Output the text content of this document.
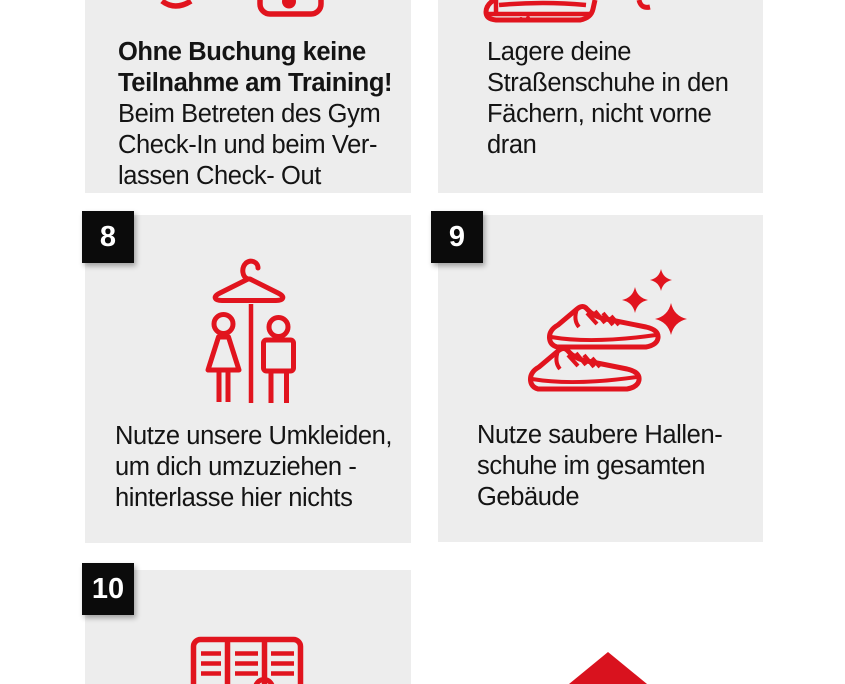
8	9
10
Ohne Buchung keine
Teilnahme am Training!
Beim Betreten des Gym
Check-In und beim Ver-
lassen Check- Out
Lagere deine
Straßenschuhe in den
Fächern, nicht vorne
dran
Nutze unsere Umkleiden,
um dich umzuziehen -
hinterlasse hier nichts
Nutze saubere Hallen-
schuhe im gesamten
Gebäude
